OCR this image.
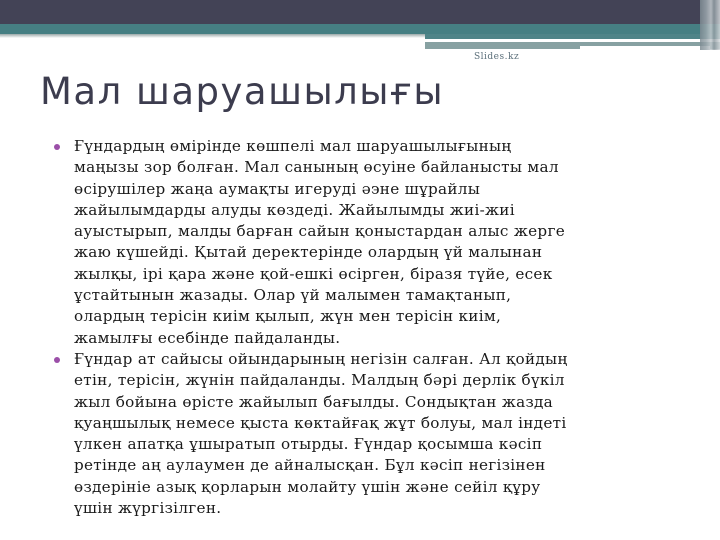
Slides.kz
Мал шаруашылығы
Ғүндардың өмірінде көшпелі мал шаруашылығының
маңызы зор болған. Мал санының өсуіне байланысты мал
өсірушілер жаңа аумақты игеруді әэне шұрайлы
жайылымдарды алуды көздеді. Жайылымды жиі-жиі
ауыстырып, малды барған сайын қоныстардан алыс жерге
жаю күшейді. Қытай деректерінде олардың үй малынан
жылқы, ірі қара және қой-ешкі өсірген, біразя түйе, есек
ұстайтынын жазады. Олар үй малымен тамақтанып,
олардың терісін киім қылып, жүн мен терісін киім,
жамылғы есебінде пайдаланды.
Ғүндар ат сайысы ойындарының негізін салған. Ал қойдың
етін, терісін, жүнін пайдаланды. Малдың бәрі дерлік бүкіл
жыл бойына өрісте жайылып бағылды. Сондықтан жазда
қуаңшылық немесе қыста көктайғақ жұт болуы, мал індеті
үлкен апатқа ұшыратып отырды. Ғүндар қосымша кәсіп
ретінде аң аулаумен де айналысқан. Бұл кәсіп негізінен
өздерініе азық қорларын молайту үшін және сейіл құру
үшін жүргізілген.
